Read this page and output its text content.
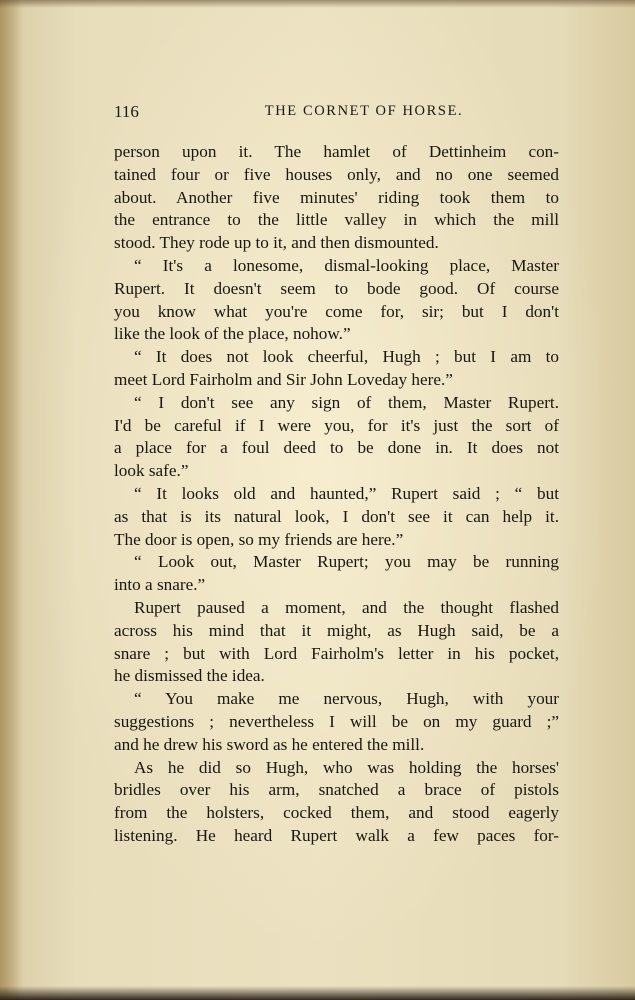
116	THE CORNET OF HORSE.

person upon it. The hamlet of Dettinheim con-

tained four or five houses only, and no one seemed

about. Another five minutes' riding took them to

the entrance to the little valley in which the mill

stood. They rode up to it, and then dismounted.

“ It's a lonesome, dismal-looking place, Master

Rupert. It doesn't seem to bode good. Of course

you know what you're come for, sir; but I don't

like the look of the place, nohow.”

“ It does not look cheerful, Hugh ; but I am to

meet Lord Fairholm and Sir John Loveday here.”

“ I don't see any sign of them, Master Rupert.

I'd be careful if I were you, for it's just the sort of

a place for a foul deed to be done in. It does not

look safe.”

“ It looks old and haunted,” Rupert said ; “ but

as that is its natural look, I don't see it can help it.

The door is open, so my friends are here.”

“ Look out, Master Rupert; you may be running

into a snare.”

Rupert paused a moment, and the thought flashed

across his mind that it might, as Hugh said, be a

snare ; but with Lord Fairholm's letter in his pocket,

he dismissed the idea.

“ You make me nervous, Hugh, with your

suggestions ; nevertheless I will be on my guard ;”

and he drew his sword as he entered the mill.

As he did so Hugh, who was holding the horses'

bridles over his arm, snatched a brace of pistols

from the holsters, cocked them, and stood eagerly

listening. He heard Rupert walk a few paces for-
